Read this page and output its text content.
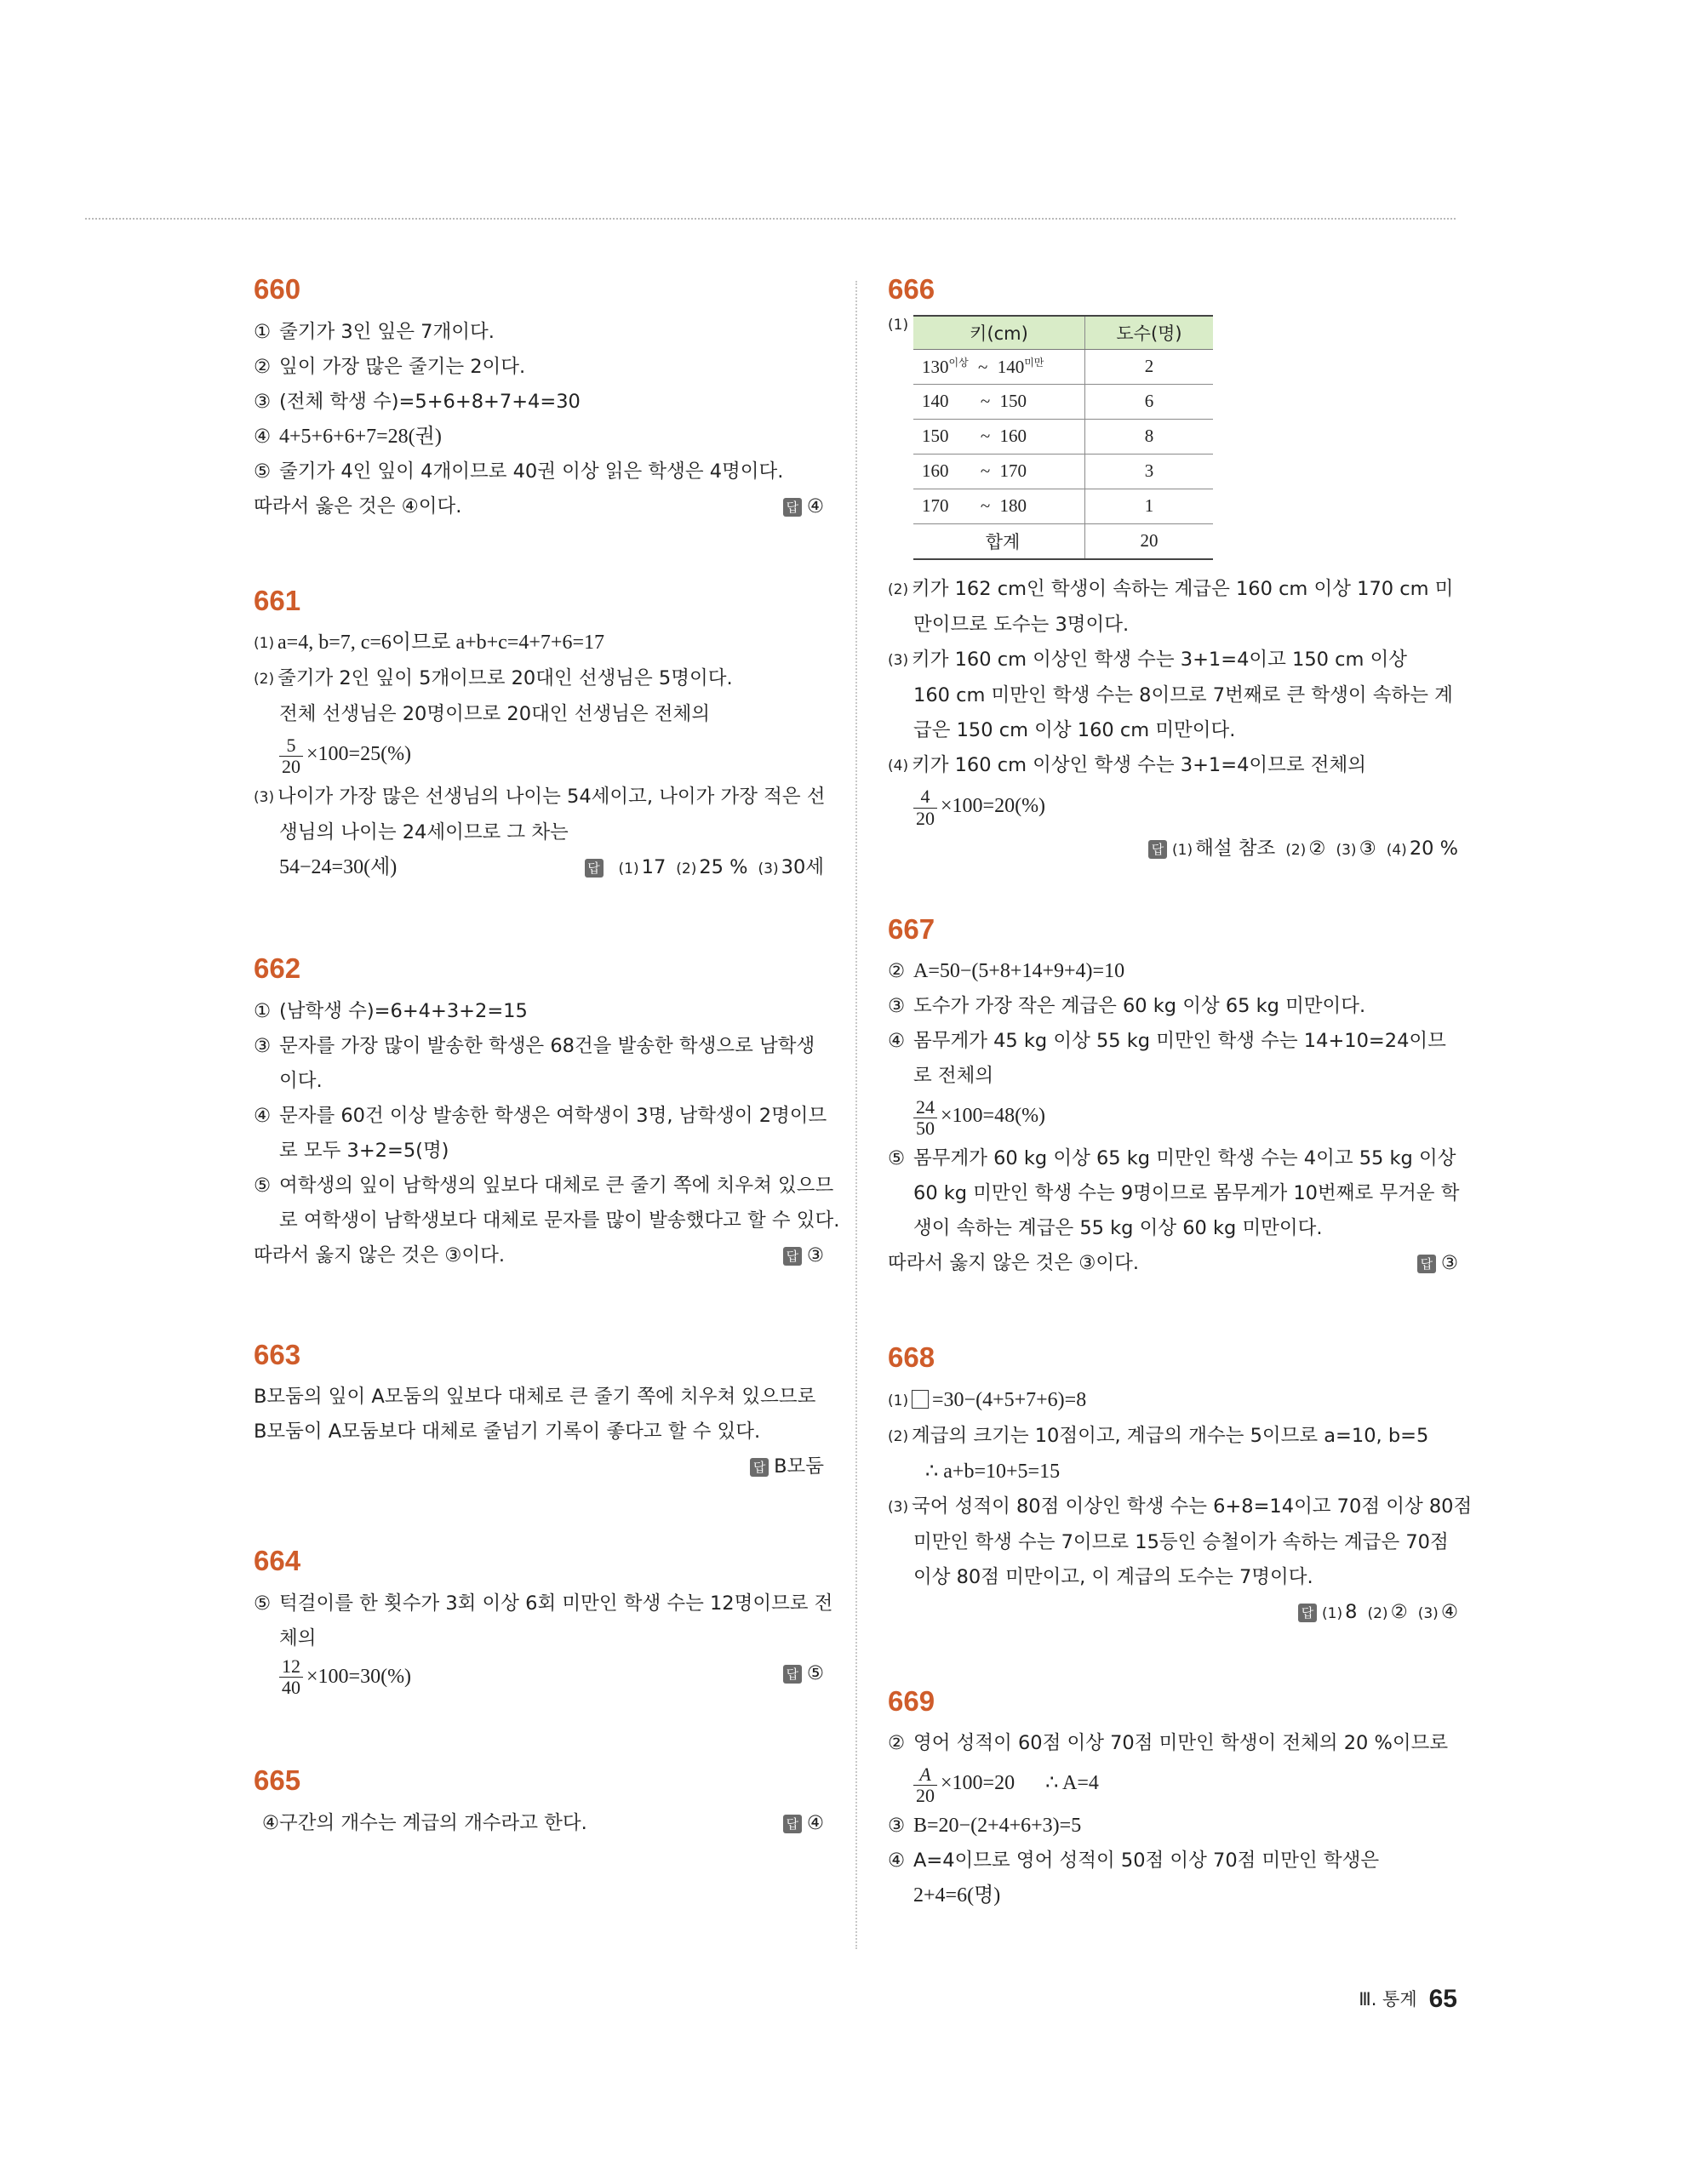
660
① 줄기가 3인 잎은 7개이다.
② 잎이 가장 많은 줄기는 2이다.
③ (전체 학생 수)=5+6+8+7+4=30
④ 4+5+6+6+7=28(권)
⑤ 줄기가 4인 잎이 4개이므로 40권 이상 읽은 학생은 4명이다.
따라서 옳은 것은 ④이다.	답 ④
661
(1) a=4, b=7, c=6이므로 a+b+c=4+7+6=17
(2) 줄기가 2인 잎이 5개이므로 20대인 선생님은 5명이다.
전체 선생님은 20명이므로 20대인 선생님은 전체의
$\frac{5}{20} \times 100=25(\%)$
(3) 나이가 가장 많은 선생님의 나이는 54세이고, 나이가 가장 적은 선
생님의 나이는 24세이므로 그 차는
54−24=30(세)	답 (1) 17 (2) 25 % (3) 30세
662
① (남학생 수)=6+4+3+2=15
③ 문자를 가장 많이 발송한 학생은 68건을 발송한 학생으로 남학생
이다.
④ 문자를 60건 이상 발송한 학생은 여학생이 3명, 남학생이 2명이므
로 모두 3+2=5(명)
⑤ 여학생의 잎이 남학생의 잎보다 대체로 큰 줄기 쪽에 치우쳐 있으므
로 여학생이 남학생보다 대체로 문자를 많이 발송했다고 할 수 있다.
따라서 옳지 않은 것은 ③이다.	답 ③
663
B모둠의 잎이 A모둠의 잎보다 대체로 큰 줄기 쪽에 치우쳐 있으므로
B모둠이 A모둠보다 대체로 줄넘기 기록이 좋다고 할 수 있다.
답 B모둠
664
⑤ 턱걸이를 한 횟수가 3회 이상 6회 미만인 학생 수는 12명이므로 전
체의
$\frac{12}{40} \times 100=30(\%)$	답 ⑤
665
④구간의 개수는 계급의 개수라고 한다.	답 ④
666
(1)	키(cm)	도수(명)
$130^{이상}$ ~ $140^{미만}$	2
140 ~ 150	6
150 ~ 160	8
160 ~ 170	3
170 ~ 180	1
합계	20
(2) 키가 162 cm인 학생이 속하는 계급은 160 cm 이상 170 cm 미
만이므로 도수는 3명이다.
(3) 키가 160 cm 이상인 학생 수는 3+1=4이고 150 cm 이상
160 cm 미만인 학생 수는 8이므로 7번째로 큰 학생이 속하는 계
급은 150 cm 이상 160 cm 미만이다.
(4) 키가 160 cm 이상인 학생 수는 3+1=4이므로 전체의
$\frac{4}{20} \times 100=20(\%)$
답 (1) 해설 참조 (2) ② (3) ③ (4) 20 %
667
② A=50−(5+8+14+9+4)=10
③ 도수가 가장 작은 계급은 60 kg 이상 65 kg 미만이다.
④ 몸무게가 45 kg 이상 55 kg 미만인 학생 수는 14+10=24이므
로 전체의
$\frac{24}{50} \times 100=48(\%)$
⑤ 몸무게가 60 kg 이상 65 kg 미만인 학생 수는 4이고 55 kg 이상
60 kg 미만인 학생 수는 9명이므로 몸무게가 10번째로 무거운 학
생이 속하는 계급은 55 kg 이상 60 kg 미만이다.
따라서 옳지 않은 것은 ③이다.	답 ③
668
(1) =30−(4+5+7+6)=8
(2) 계급의 크기는 10점이고, 계급의 개수는 5이므로 a=10, b=5
∴ a+b=10+5=15
(3) 국어 성적이 80점 이상인 학생 수는 6+8=14이고 70점 이상 80점
미만인 학생 수는 7이므로 15등인 승철이가 속하는 계급은 70점
이상 80점 미만이고, 이 계급의 도수는 7명이다.
답 (1) 8 (2) ② (3) ④
669
② 영어 성적이 60점 이상 70점 미만인 학생이 전체의 20 %이므로
$\frac{A}{20} \times 100=20$ ∴ A=4
③ B=20−(2+4+6+3)=5
④ A=4이므로 영어 성적이 50점 이상 70점 미만인 학생은
2+4=6(명)
Ⅲ. 통계 65
